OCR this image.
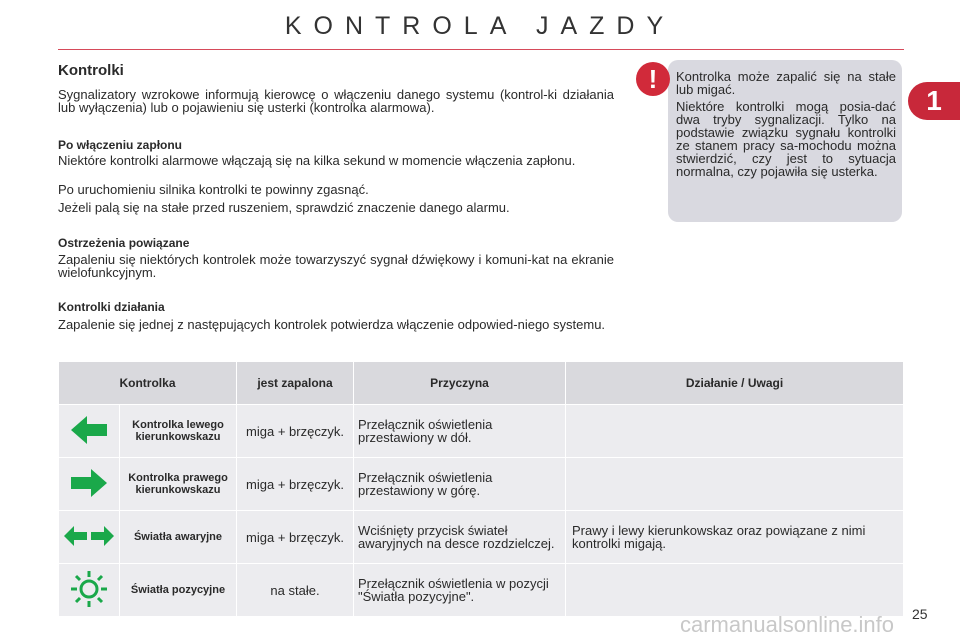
KONTROLA JAZDY
1
Kontrolki
Sygnalizatory wzrokowe informują kierowcę o włączeniu danego systemu (kontrol-ki działania lub wyłączenia) lub o pojawieniu się usterki (kontrolka alarmowa).
Po włączeniu zapłonu
Niektóre kontrolki alarmowe włączają się na kilka sekund w momencie włączenia zapłonu.
Po uruchomieniu silnika kontrolki te powinny zgasnąć.
Jeżeli palą się na stałe przed ruszeniem, sprawdzić znaczenie danego alarmu.
Ostrzeżenia powiązane
Zapaleniu się niektórych kontrolek może towarzyszyć sygnał dźwiękowy i komuni-kat na ekranie wielofunkcyjnym.
Kontrolki działania
Zapalenie się jednej z następujących kontrolek potwierdza włączenie odpowied-niego systemu.
!	Kontrolka może zapalić się na stałe lub migać.
Niektóre kontrolki mogą posia-dać dwa tryby sygnalizacji. Tylko na podstawie związku sygnału kontrolki ze stanem pracy sa-mochodu można stwierdzić, czy jest to sytuacja normalna, czy pojawiła się usterka.
Kontrolka		jest zapalona	Przyczyna	Działanie / Uwagi
	Kontrolka lewego kierunkowskazu	miga + brzęczyk.	Przełącznik oświetlenia przestawiony w dół.	
	Kontrolka prawego kierunkowskazu	miga + brzęczyk.	Przełącznik oświetlenia przestawiony w górę.	
	Światła awaryjne	miga + brzęczyk.	Wciśnięty przycisk świateł awaryjnych na desce rozdzielczej.	Prawy i lewy kierunkowskaz oraz powiązane z nimi kontrolki migają.
	Światła pozycyjne	na stałe.	Przełącznik oświetlenia w pozycji "Światła pozycyjne".	
carmanualsonline.info 25
